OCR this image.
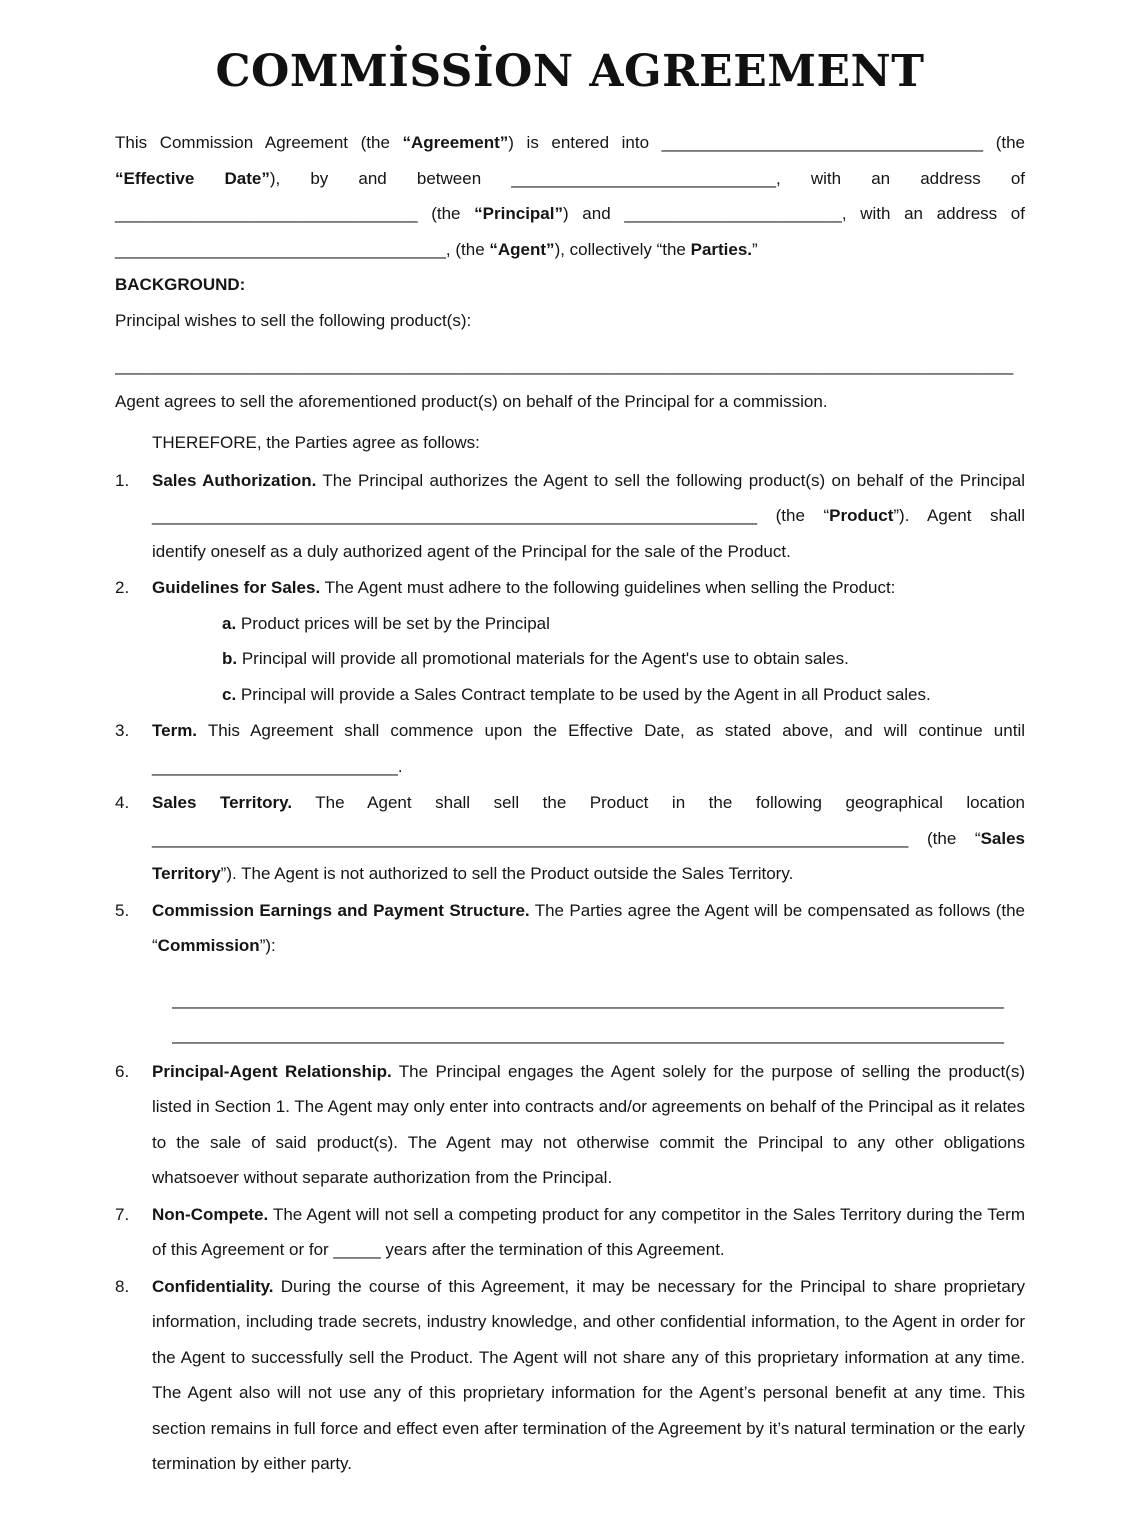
COMMİSSİON AGREEMENT

This Commission Agreement (the “Agreement”) is entered into __________________________________ (the “Effective Date”), by and between ____________________________, with an address of ________________________________ (the “Principal”) and _______________________, with an address of ___________________________________, (the “Agent”), collectively “the Parties.”

BACKGROUND:

Principal wishes to sell the following product(s):

_______________________________________________________________________________________________

Agent agrees to sell the aforementioned product(s) on behalf of the Principal for a commission.

THEREFORE, the Parties agree as follows:

1.	Sales Authorization. The Principal authorizes the Agent to sell the following product(s) on behalf of the Principal ________________________________________________________________ (the “Product”). Agent shall identify oneself as a duly authorized agent of the Principal for the sale of the Product.
2.	Guidelines for Sales. The Agent must adhere to the following guidelines when selling the Product:
a. Product prices will be set by the Principal
b. Principal will provide all promotional materials for the Agent's use to obtain sales.
c. Principal will provide a Sales Contract template to be used by the Agent in all Product sales.
3.	Term. This Agreement shall commence upon the Effective Date, as stated above, and will continue until __________________________.
4.	Sales Territory. The Agent shall sell the Product in the following geographical location ________________________________________________________________________________ (the “Sales Territory”). The Agent is not authorized to sell the Product outside the Sales Territory.
5.	Commission Earnings and Payment Structure. The Parties agree the Agent will be compensated as follows (the “Commission”):
________________________________________________________________________________________
________________________________________________________________________________________
6.	Principal-Agent Relationship. The Principal engages the Agent solely for the purpose of selling the product(s) listed in Section 1. The Agent may only enter into contracts and/or agreements on behalf of the Principal as it relates to the sale of said product(s). The Agent may not otherwise commit the Principal to any other obligations whatsoever without separate authorization from the Principal.
7.	Non-Compete. The Agent will not sell a competing product for any competitor in the Sales Territory during the Term of this Agreement or for _____ years after the termination of this Agreement.
8.	Confidentiality. During the course of this Agreement, it may be necessary for the Principal to share proprietary information, including trade secrets, industry knowledge, and other confidential information, to the Agent in order for the Agent to successfully sell the Product. The Agent will not share any of this proprietary information at any time. The Agent also will not use any of this proprietary information for the Agent’s personal benefit at any time. This section remains in full force and effect even after termination of the Agreement by it’s natural termination or the early termination by either party.
